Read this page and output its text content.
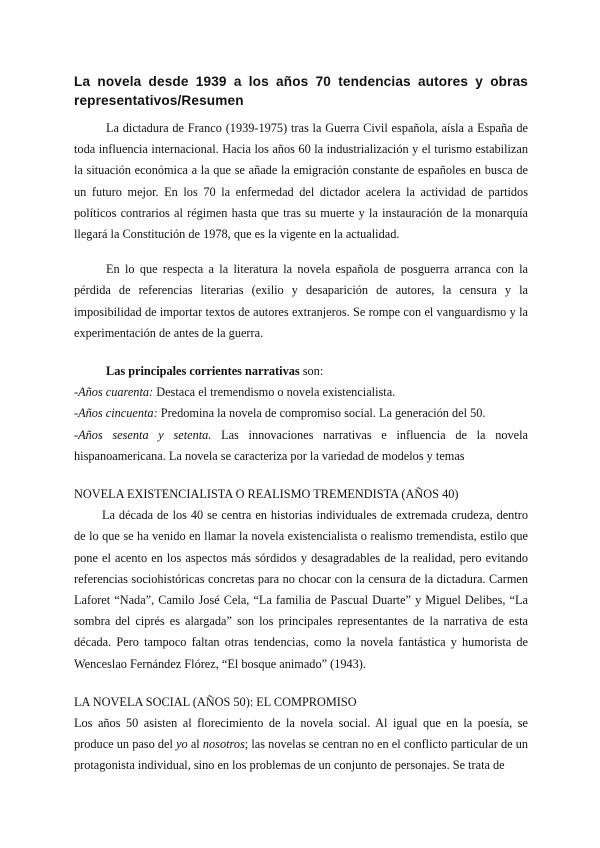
La novela desde 1939 a los años 70 tendencias autores y obras representativos/Resumen

La dictadura de Franco (1939-1975) tras la Guerra Civil española, aísla a España de toda influencia internacional. Hacia los años 60 la industrialización y el turismo estabilizan la situación económica a la que se añade la emigración constante de españoles en busca de un futuro mejor. En los 70 la enfermedad del dictador acelera la actividad de partidos políticos contrarios al régimen hasta que tras su muerte y la instauración de la monarquía llegará la Constitución de 1978, que es la vigente en la actualidad.

En lo que respecta a la literatura la novela española de posguerra arranca con la pérdida de referencias literarias (exilio y desaparición de autores, la censura y la imposibilidad de importar textos de autores extranjeros. Se rompe con el vanguardismo y la experimentación de antes de la guerra.

Las principales corrientes narrativas son:

-Años cuarenta: Destaca el tremendismo o novela existencialista.

-Años cincuenta: Predomina la novela de compromiso social. La generación del 50.

-Años sesenta y setenta. Las innovaciones narrativas e influencia de la novela hispanoamericana. La novela se caracteriza por la variedad de modelos y temas

NOVELA EXISTENCIALISTA O REALISMO TREMENDISTA (AÑOS 40)

La década de los 40 se centra en historias individuales de extremada crudeza, dentro de lo que se ha venido en llamar la novela existencialista o realismo tremendista, estilo que pone el acento en los aspectos más sórdidos y desagradables de la realidad, pero evitando referencias sociohistóricas concretas para no chocar con la censura de la dictadura. Carmen Laforet “Nada”, Camilo José Cela, “La familia de Pascual Duarte” y Miguel Delibes, “La sombra del ciprés es alargada” son los principales representantes de la narrativa de esta década. Pero tampoco faltan otras tendencias, como la novela fantástica y humorista de Wenceslao Fernández Flórez, “El bosque animado” (1943).

LA NOVELA SOCIAL (AÑOS 50): EL COMPROMISO

Los años 50 asisten al florecimiento de la novela social. Al igual que en la poesía, se produce un paso del yo al nosotros; las novelas se centran no en el conflicto particular de un protagonista individual, sino en los problemas de un conjunto de personajes. Se trata de
